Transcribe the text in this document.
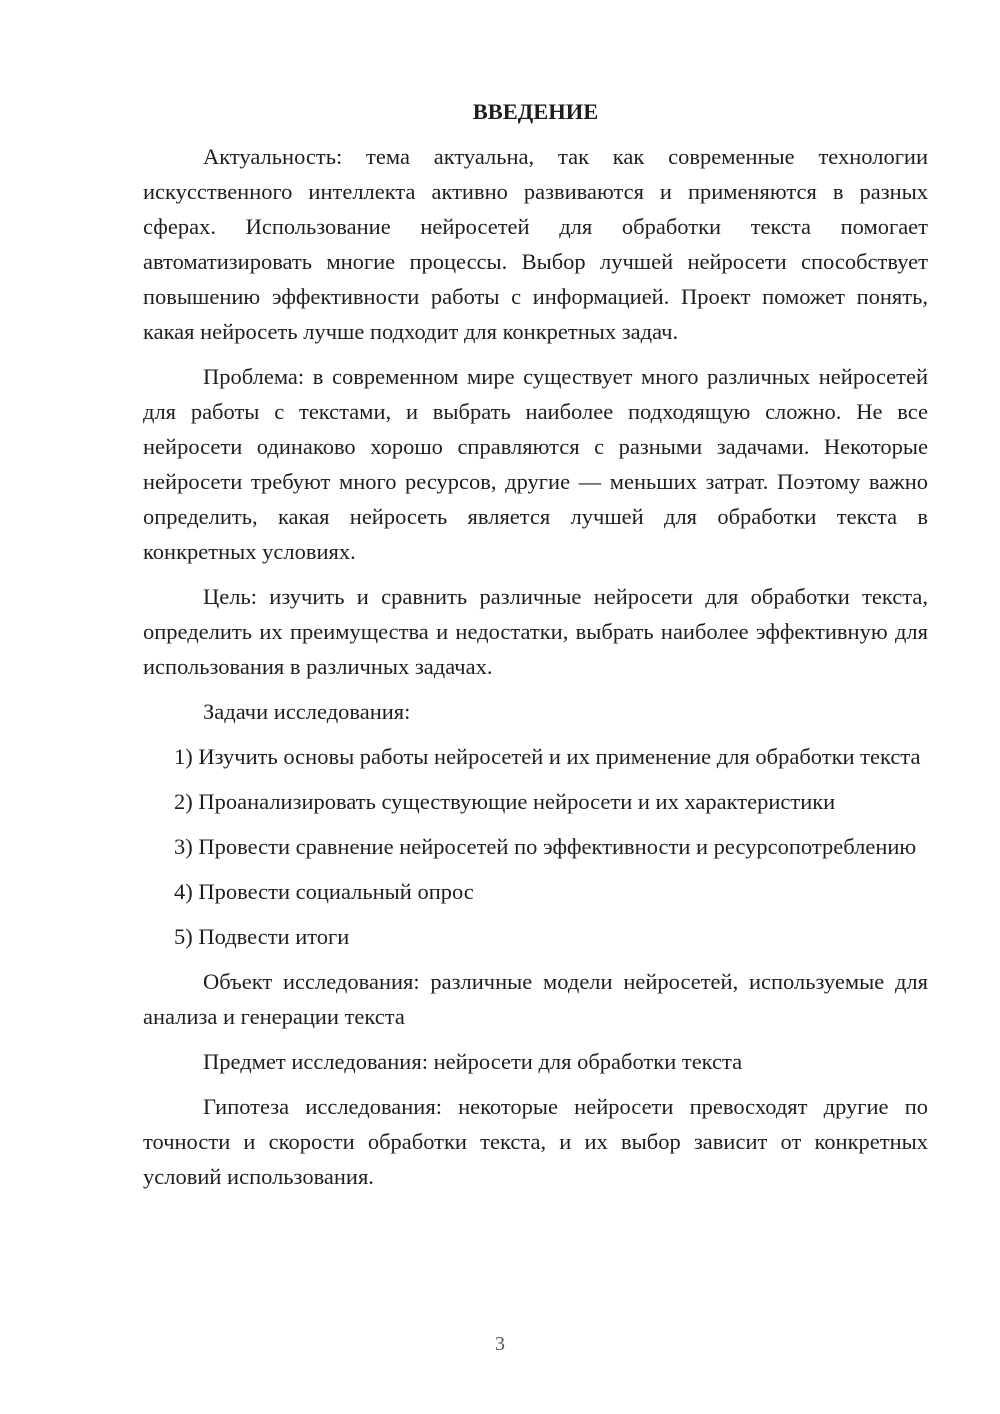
ВВЕДЕНИЕ

Актуальность: тема актуальна, так как современные технологии искусственного интеллекта активно развиваются и применяются в разных сферах. Использование нейросетей для обработки текста помогает автоматизировать многие процессы. Выбор лучшей нейросети способствует повышению эффективности работы с информацией. Проект поможет понять, какая нейросеть лучше подходит для конкретных задач.

Проблема: в современном мире существует много различных нейросетей для работы с текстами, и выбрать наиболее подходящую сложно. Не все нейросети одинаково хорошо справляются с разными задачами. Некоторые нейросети требуют много ресурсов, другие — меньших затрат. Поэтому важно определить, какая нейросеть является лучшей для обработки текста в конкретных условиях.

Цель: изучить и сравнить различные нейросети для обработки текста, определить их преимущества и недостатки, выбрать наиболее эффективную для использования в различных задачах.

Задачи исследования:

1) Изучить основы работы нейросетей и их применение для обработки текста

2) Проанализировать существующие нейросети и их характеристики

3) Провести сравнение нейросетей по эффективности и ресурсопотреблению

4) Провести социальный опрос

5) Подвести итоги

Объект исследования: различные модели нейросетей, используемые для анализа и генерации текста

Предмет исследования: нейросети для обработки текста

Гипотеза исследования: некоторые нейросети превосходят другие по точности и скорости обработки текста, и их выбор зависит от конкретных условий использования.

3
